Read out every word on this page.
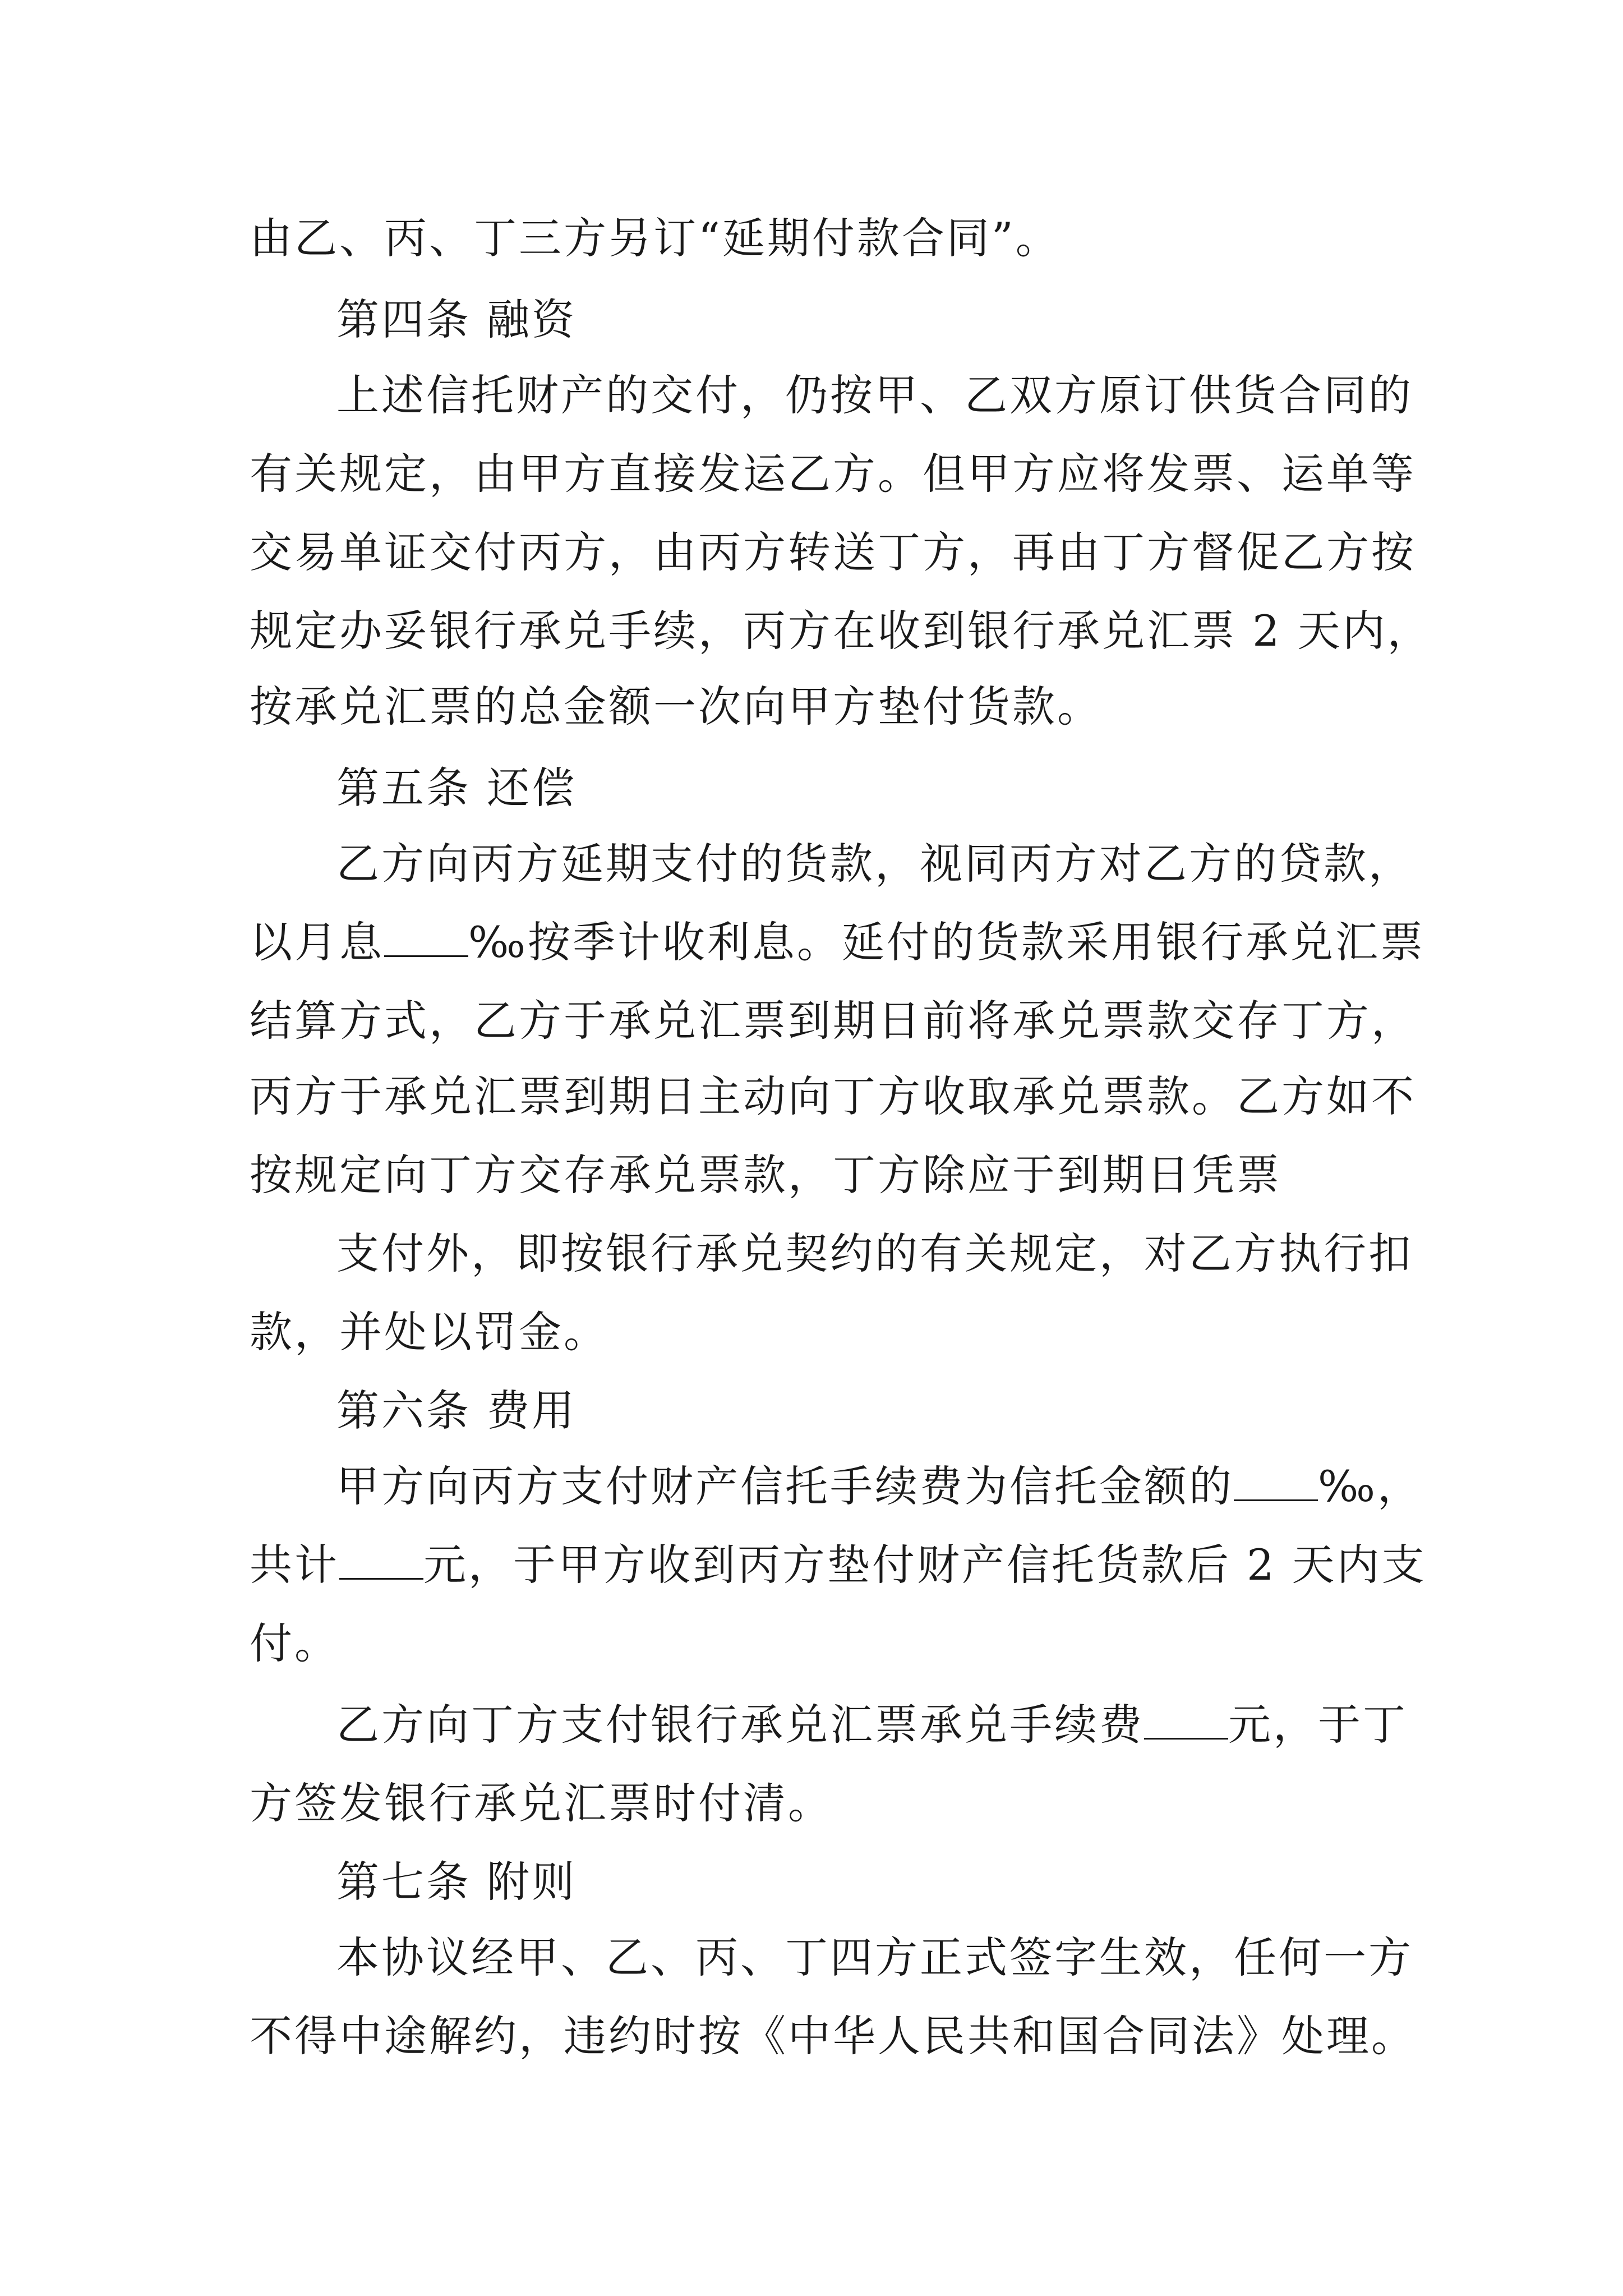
由乙、丙、丁三方另订“延期付款合同”。
第四条 融资
上述信托财产的交付，仍按甲、乙双方原订供货合同的
有关规定，由甲方直接发运乙方。但甲方应将发票、运单等
交易单证交付丙方，由丙方转送丁方，再由丁方督促乙方按
规定办妥银行承兑手续，丙方在收到银行承兑汇票 2 天内，
按承兑汇票的总金额一次向甲方垫付货款。
第五条 还偿
乙方向丙方延期支付的货款，视同丙方对乙方的贷款，
以月息 ‰按季计收利息。延付的货款采用银行承兑汇票
结算方式，乙方于承兑汇票到期日前将承兑票款交存丁方，
丙方于承兑汇票到期日主动向丁方收取承兑票款。乙方如不
按规定向丁方交存承兑票款，丁方除应于到期日凭票
支付外，即按银行承兑契约的有关规定，对乙方执行扣
款，并处以罚金。
第六条 费用
甲方向丙方支付财产信托手续费为信托金额的 ‰，
共计 元，于甲方收到丙方垫付财产信托货款后 2 天内支
付。
乙方向丁方支付银行承兑汇票承兑手续费 元，于丁
方签发银行承兑汇票时付清。
第七条 附则
本协议经甲、乙、丙、丁四方正式签字生效，任何一方
不得中途解约，违约时按《中华人民共和国合同法》处理。
